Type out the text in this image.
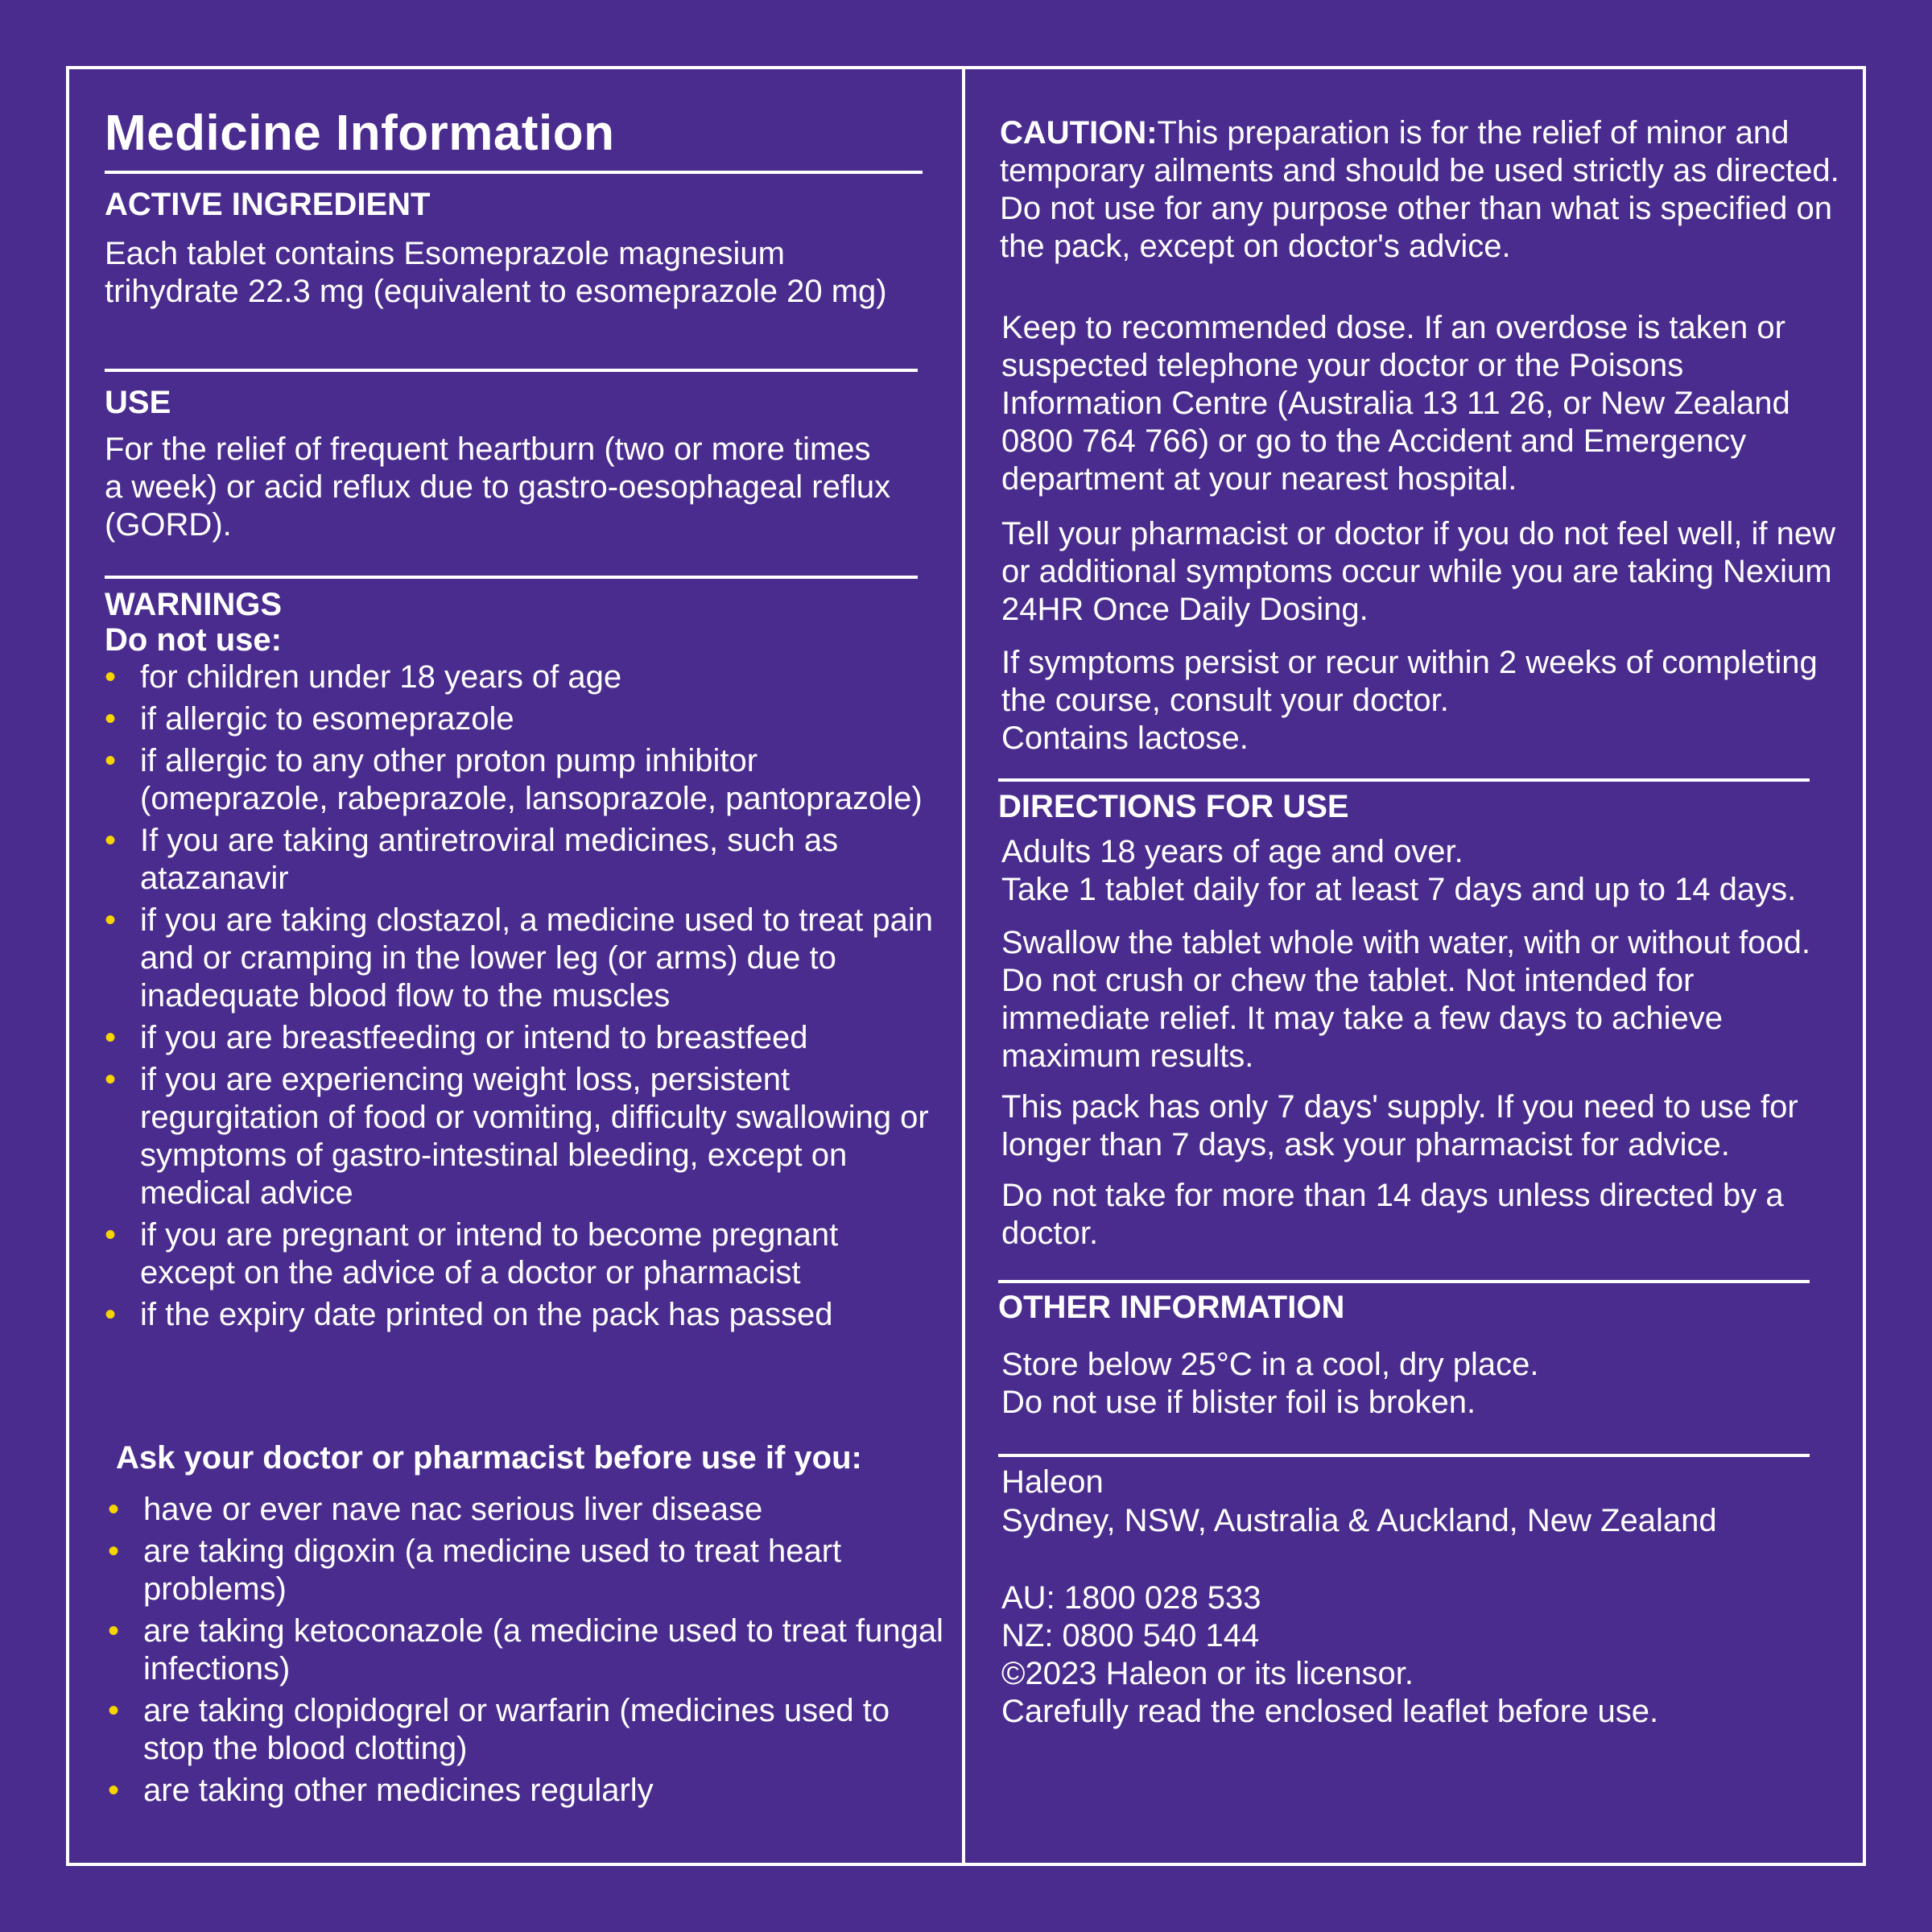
Medicine Information
ACTIVE INGREDIENT

Each tablet contains Esomeprazole magnesium trihydrate 22.3 mg (equivalent to esomeprazole 20 mg)

USE

For the relief of frequent heartburn (two or more times a week) or acid reflux due to gastro-oesophageal reflux (GORD).

WARNINGS

Do not use:

• for children under 18 years of age
• if allergic to esomeprazole
• if allergic to any other proton pump inhibitor (omeprazole, rabeprazole, lansoprazole, pantoprazole)
• If you are taking antiretroviral medicines, such as atazanavir
• if you are taking clostazol, a medicine used to treat pain and or cramping in the lower leg (or arms) due to inadequate blood flow to the muscles
• if you are breastfeeding or intend to breastfeed
• if you are experiencing weight loss, persistent regurgitation of food or vomiting, difficulty swallowing or symptoms of gastro-intestinal bleeding, except on medical advice
• if you are pregnant or intend to become pregnant except on the advice of a doctor or pharmacist
• if the expiry date printed on the pack has passed

Ask your doctor or pharmacist before use if you:

• have or ever nave nac serious liver disease
• are taking digoxin (a medicine used to treat heart problems)
• are taking ketoconazole (a medicine used to treat fungal infections)
• are taking clopidogrel or warfarin (medicines used to stop the blood clotting)
• are taking other medicines regularly

CAUTION:This preparation is for the relief of minor and temporary ailments and should be used strictly as directed. Do not use for any purpose other than what is specified on the pack, except on doctor's advice.

Keep to recommended dose. If an overdose is taken or suspected telephone your doctor or the Poisons Information Centre (Australia 13 11 26, or New Zealand 0800 764 766) or go to the Accident and Emergency department at your nearest hospital.

Tell your pharmacist or doctor if you do not feel well, if new or additional symptoms occur while you are taking Nexium 24HR Once Daily Dosing.

If symptoms persist or recur within 2 weeks of completing the course, consult your doctor.

Contains lactose.

DIRECTIONS FOR USE

Adults 18 years of age and over.

Take 1 tablet daily for at least 7 days and up to 14 days.

Swallow the tablet whole with water, with or without food. Do not crush or chew the tablet. Not intended for immediate relief. It may take a few days to achieve maximum results.

This pack has only 7 days' supply. If you need to use for longer than 7 days, ask your pharmacist for advice.

Do not take for more than 14 days unless directed by a doctor.

OTHER INFORMATION

Store below 25°C in a cool, dry place.

Do not use if blister foil is broken.

Haleon

Sydney, NSW, Australia & Auckland, New Zealand

AU: 1800 028 533

NZ: 0800 540 144

©2023 Haleon or its licensor.

Carefully read the enclosed leaflet before use.
